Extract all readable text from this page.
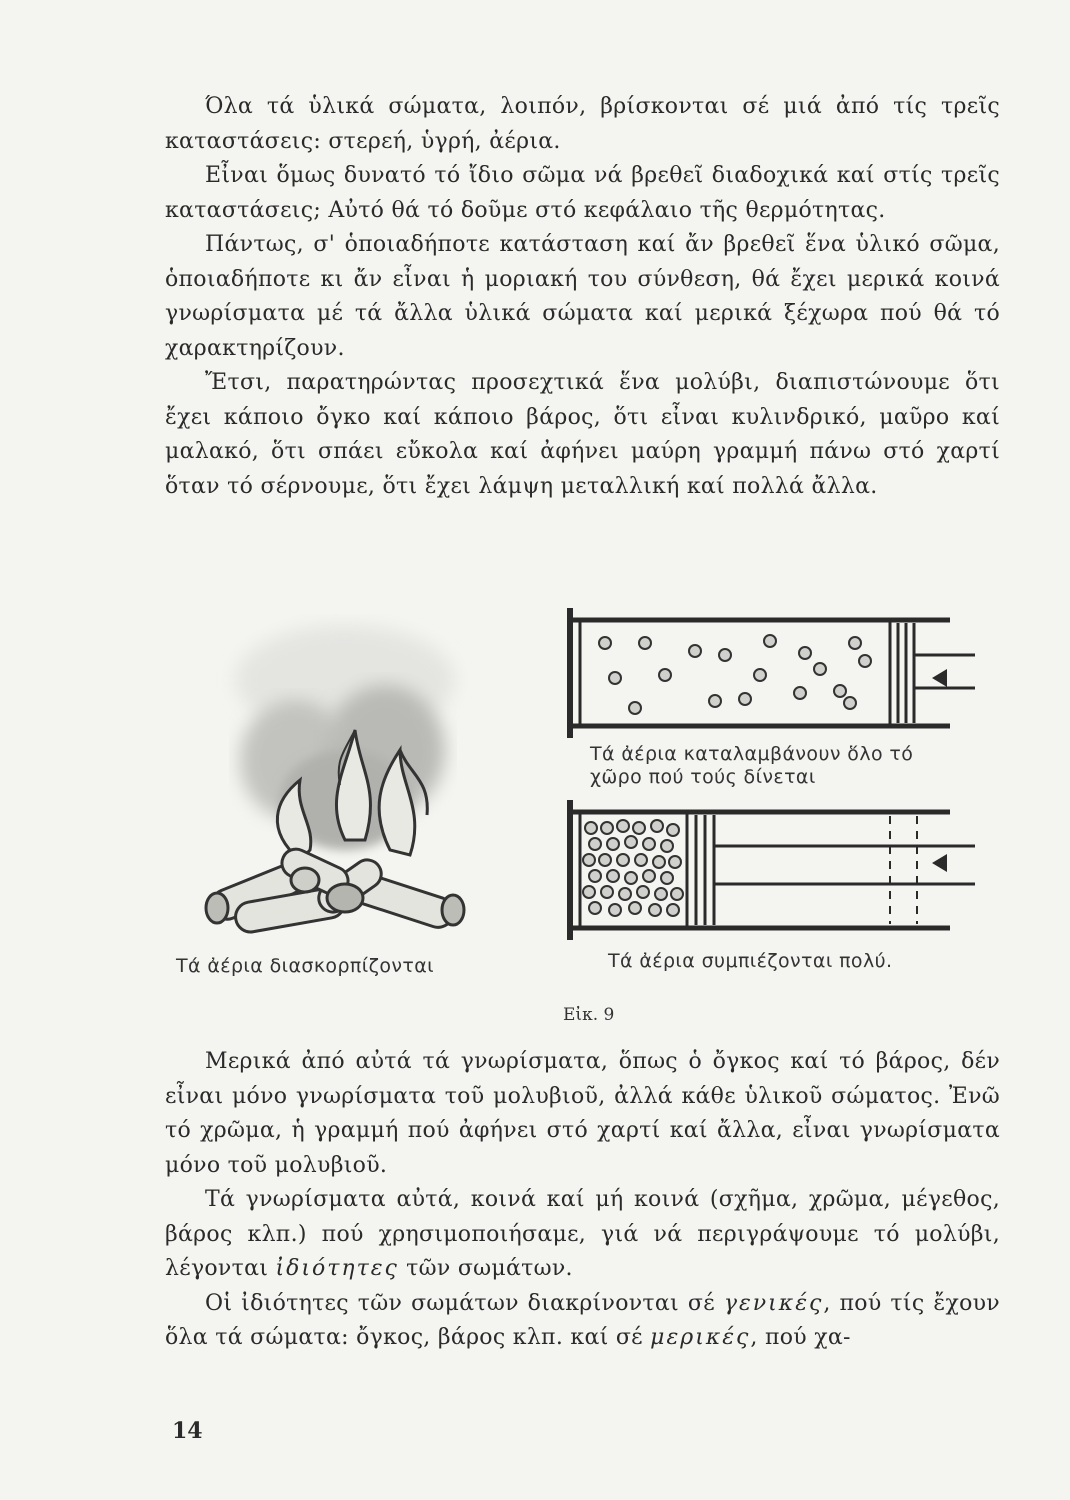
Όλα τά ὑλικά σώματα, λοιπόν, βρίσκονται σέ μιά ἀπό τίς τρεῖς καταστάσεις: στερεή, ὑγρή, ἀέρια.

Εἶναι ὅμως δυνατό τό ἴδιο σῶμα νά βρεθεῖ διαδοχικά καί στίς τρεῖς καταστάσεις; Αὐτό θά τό δοῦμε στό κεφάλαιο τῆς θερμότητας.

Πάντως, σ' ὁποιαδήποτε κατάσταση καί ἄν βρεθεῖ ἕνα ὑλικό σῶμα, ὁποιαδήποτε κι ἄν εἶναι ἡ μοριακή του σύνθεση, θά ἔχει μερικά κοινά γνωρίσματα μέ τά ἄλλα ὑλικά σώματα καί μερικά ξέχωρα πού θά τό χαρακτηρίζουν.

Ἔτσι, παρατηρώντας προσεχτικά ἕνα μολύβι, διαπιστώνουμε ὅτι ἔχει κάποιο ὄγκο καί κάποιο βάρος, ὅτι εἶναι κυλινδρικό, μαῦρο καί μαλακό, ὅτι σπάει εὔκολα καί ἀφήνει μαύρη γραμμή πάνω στό χαρτί ὅταν τό σέρνουμε, ὅτι ἔχει λάμψη μεταλλική καί πολλά ἄλλα.

Τά ἀέρια διασκορπίζονται
Τά ἀέρια καταλαμβάνουν ὅλο τό
χῶρο πού τούς δίνεται
Τά ἀέρια συμπιέζονται πολύ.
Εἰκ. 9

Μερικά ἀπό αὐτά τά γνωρίσματα, ὅπως ὁ ὄγκος καί τό βάρος, δέν εἶναι μόνο γνωρίσματα τοῦ μολυβιοῦ, ἀλλά κάθε ὑλικοῦ σώματος. Ἐνῶ τό χρῶμα, ἡ γραμμή πού ἀφήνει στό χαρτί καί ἄλλα, εἶναι γνωρίσματα μόνο τοῦ μολυβιοῦ.

Τά γνωρίσματα αὐτά, κοινά καί μή κοινά (σχῆμα, χρῶμα, μέγεθος, βάρος κλπ.) πού χρησιμοποιήσαμε, γιά νά περιγράψουμε τό μολύβι, λέγονται ἰδιότητες τῶν σωμάτων.

Οἱ ἰδιότητες τῶν σωμάτων διακρίνονται σέ γενικές, πού τίς ἔχουν ὅλα τά σώματα: ὄγκος, βάρος κλπ. καί σέ μερικές, πού χα-

14
